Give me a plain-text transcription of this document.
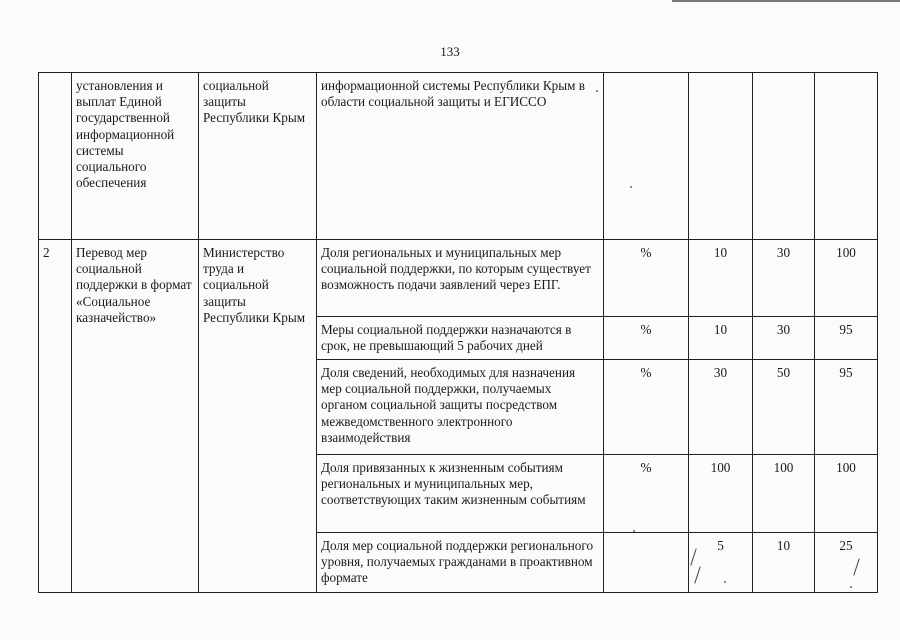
133
	установления и выплат Единой государственной информационной системы социального обеспечения	социальной защиты Республики Крым	информационной системы Республики Крым в области социальной защиты и ЕГИССО				
2	Перевод мер социальной поддержки в формат «Социальное казначейство»	Министерство труда и социальной защиты Республики Крым	Доля региональных и муниципальных мер социальной поддержки, по которым существует возможность подачи заявлений через ЕПГ.	%	10	30	100
			Меры социальной поддержки назначаются в срок, не превышающий 5 рабочих дней	%	10	30	95
			Доля сведений, необходимых для назначения мер социальной поддержки, получаемых органом социальной защиты посредством межведомственного электронного взаимодействия	%	30	50	95
			Доля привязанных к жизненным событиям региональных и муниципальных мер, соответствующих таким жизненным событиям	%	100	100	100
			Доля мер социальной поддержки регионального уровня, получаемых гражданами в проактивном формате		5	10	25
